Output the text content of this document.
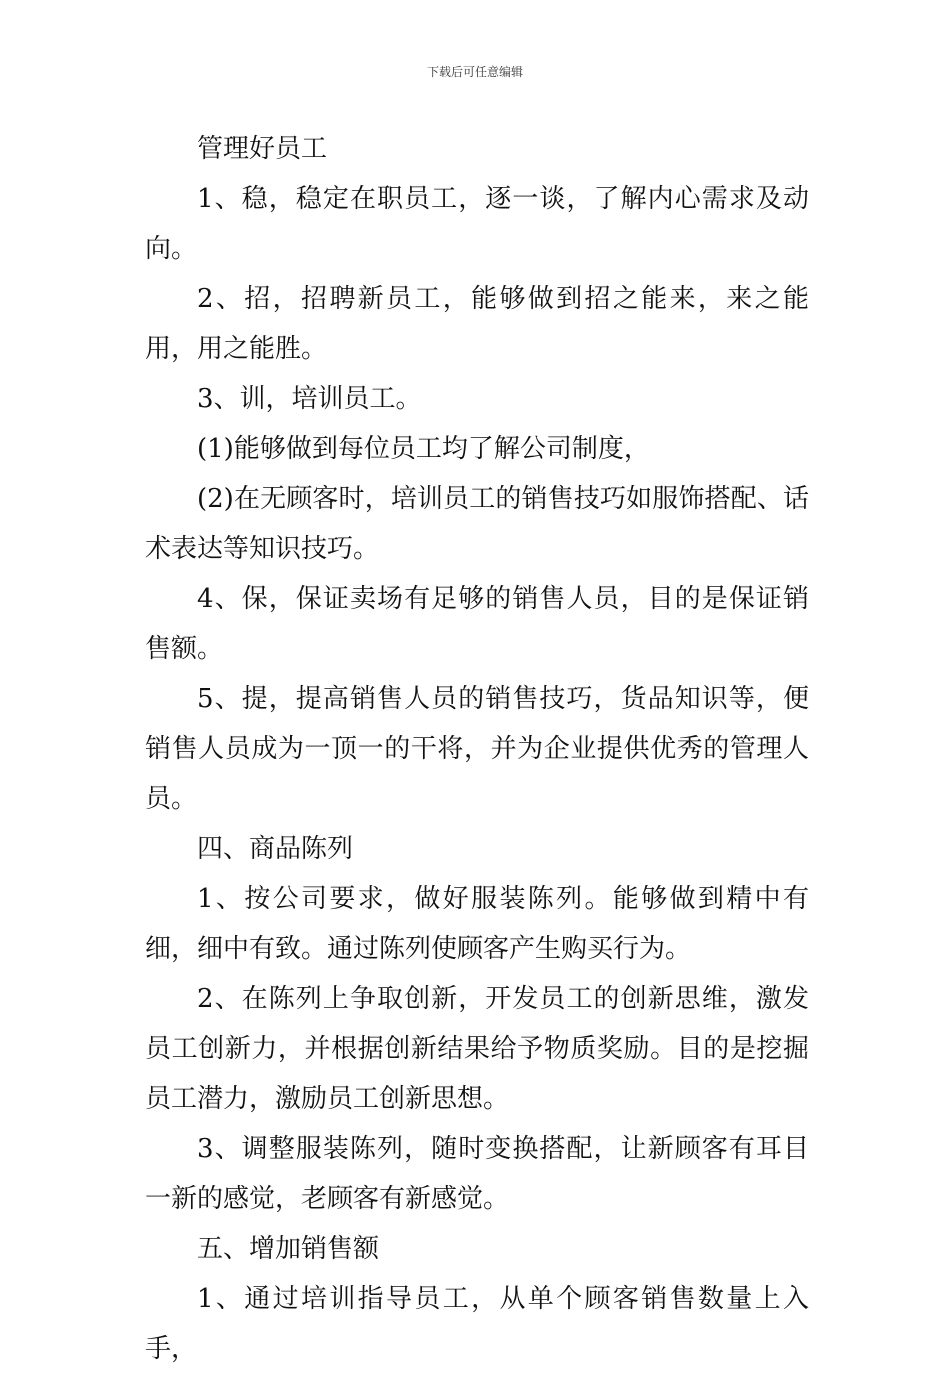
下载后可任意编辑

管理好员工

1、稳，稳定在职员工，逐一谈，了解内心需求及动向。

2、招，招聘新员工，能够做到招之能来，来之能用，用之能胜。

3、训，培训员工。

(1)能够做到每位员工均了解公司制度，

(2)在无顾客时，培训员工的销售技巧如服饰搭配、话术表达等知识技巧。

4、保，保证卖场有足够的销售人员，目的是保证销售额。

5、提，提高销售人员的销售技巧，货品知识等，便销售人员成为一顶一的干将，并为企业提供优秀的管理人员。

四、商品陈列

1、按公司要求，做好服装陈列。能够做到精中有细，细中有致。通过陈列使顾客产生购买行为。

2、在陈列上争取创新，开发员工的创新思维，激发员工创新力，并根据创新结果给予物质奖励。目的是挖掘员工潜力，激励员工创新思想。

3、调整服装陈列，随时变换搭配，让新顾客有耳目一新的感觉，老顾客有新感觉。

五、增加销售额

1、通过培训指导员工，从单个顾客销售数量上入手，
